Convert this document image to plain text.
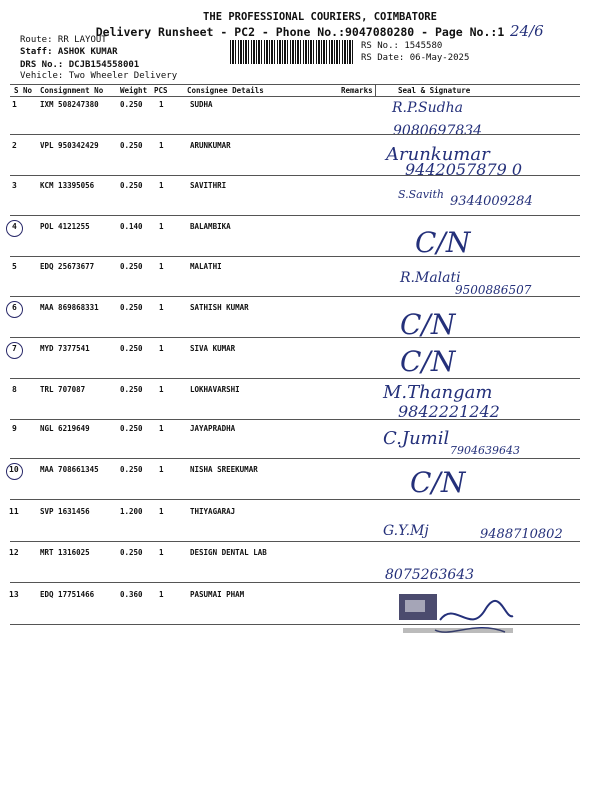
THE PROFESSIONAL COURIERS, COIMBATORE
Delivery Runsheet - PC2 - Phone No.:9047080280 - Page No.:1 24/6
Route: RR LAYOUT
Staff: ASHOK KUMAR
DRS No.: DCJB154558001
Vehicle: Two Wheeler Delivery
RS No.: 1545580
RS Date: 06-May-2025
S No Consignment No Weight PCS	Consignee Details	Remarks	Seal & Signature
1	IXM 508247380	0.250 1	SUDHA	R.P.Sudha
9080697834
2	VPL 950342429	0.250 1	ARUNKUMAR	Arunkumar
9442057879 0
3	KCM 13395056	0.250 1	SAVITHRI
S.Savith 9344009284
4	POL 4121255	0.140 1	BALAMBIKA	C/N
5	EDQ 25673677	0.250 1	MALATHI
R.Malati
9500886507
6	MAA 869868331	0.250 1	SATHISH KUMAR
C/N
7	MYD 7377541	0.250 1	SIVA KUMAR	C/N
8	TRL 707087	0.250 1	LOKHAVARSHI	M.Thangam
9842221242
9	NGL 6219649	0.250 1	JAYAPRADHA	C.Jumil
7904639643
10	MAA 708661345	0.250 1	NISHA SREEKUMAR	C/N
11	SVP 1631456	1.200 1	THIYAGARAJ
G.Y.Mj	9488710802
12	MRT 1316025	0.250 1	DESIGN DENTAL LAB
8075263643
13	EDQ 17751466	0.360 1	PASUMAI PHAM
